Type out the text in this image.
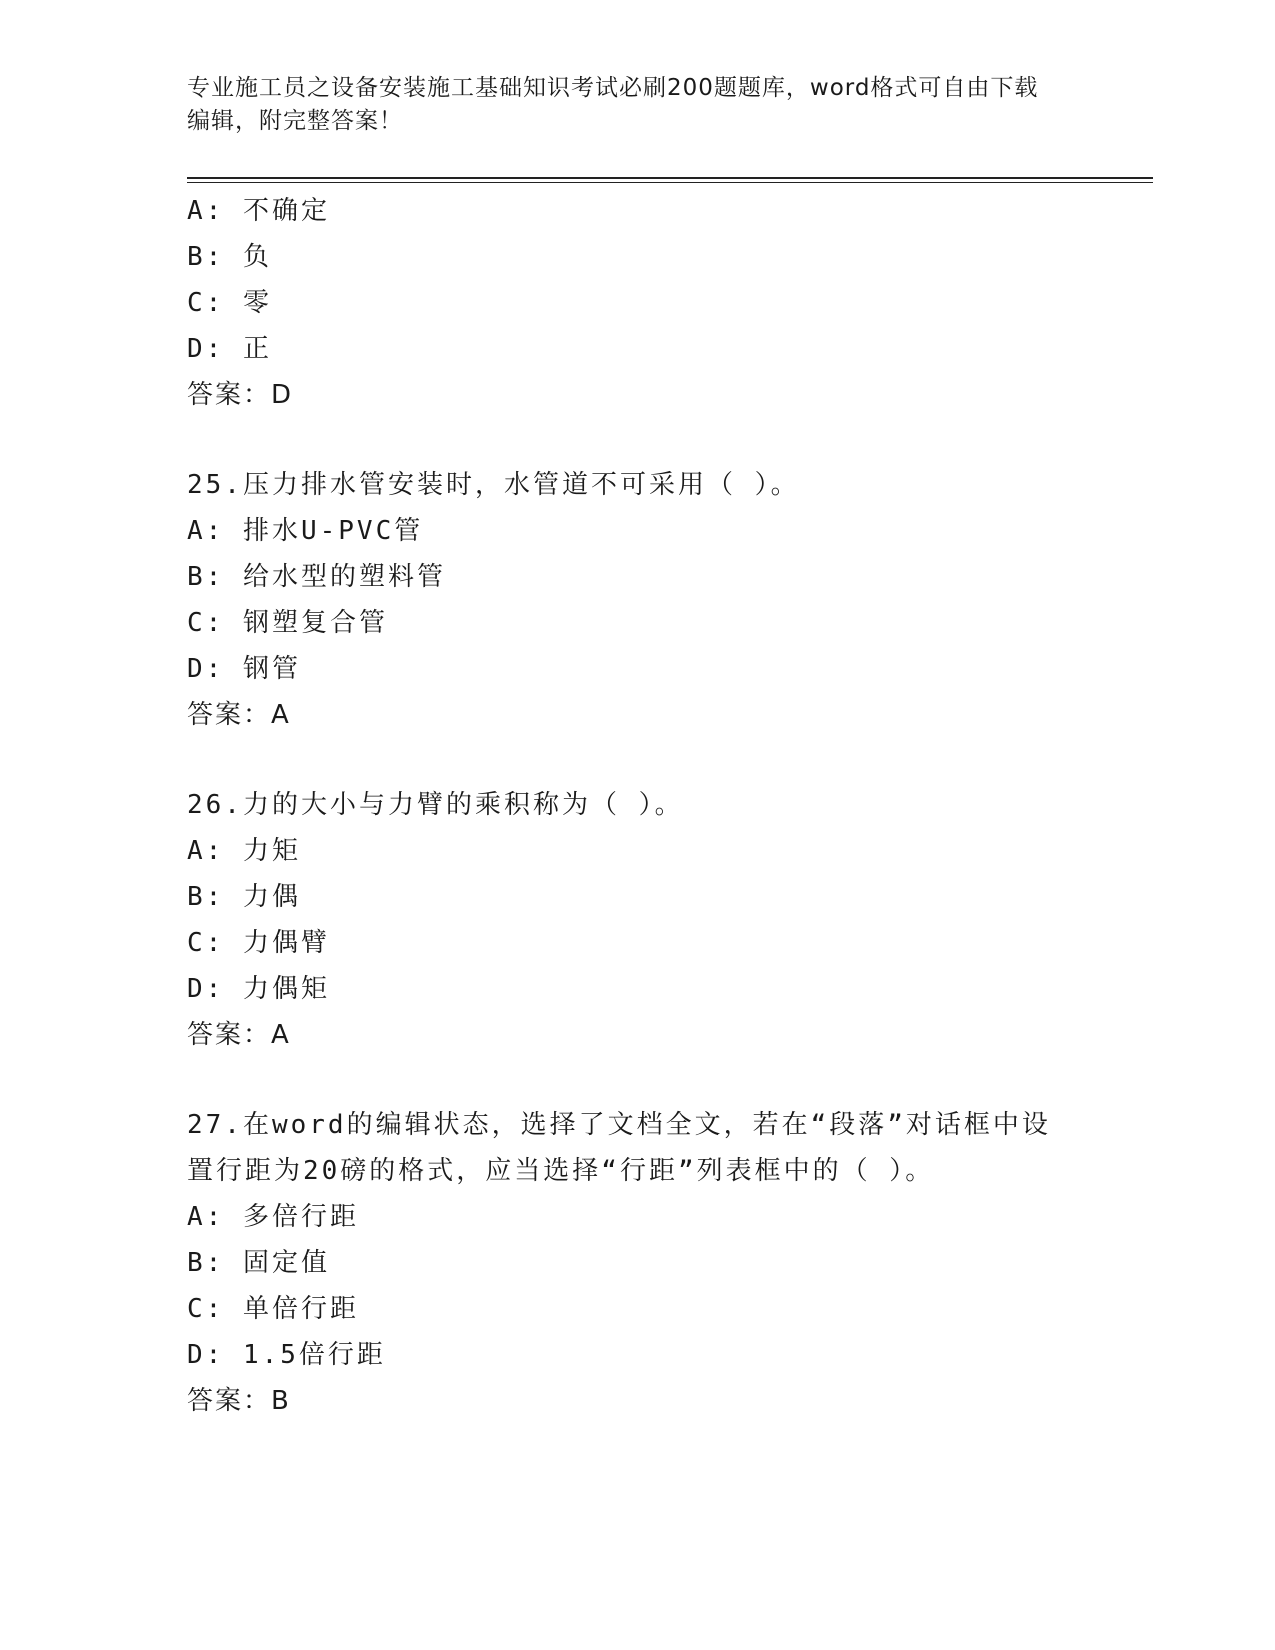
专业施工员之设备安装施工基础知识考试必刷200题题库，word格式可自由下载
编辑，附完整答案！
A: 不确定
B: 负
C: 零
D: 正
答案：D
25.压力排水管安装时，水管道不可采用（ ）。
A: 排水U-PVC管
B: 给水型的塑料管
C: 钢塑复合管
D: 钢管
答案：A
26.力的大小与力臂的乘积称为（ ）。
A: 力矩
B: 力偶
C: 力偶臂
D: 力偶矩
答案：A
27.在word的编辑状态，选择了文档全文，若在“段落”对话框中设
置行距为20磅的格式，应当选择“行距”列表框中的（ ）。
A: 多倍行距
B: 固定值
C: 单倍行距
D: 1.5倍行距
答案：B
